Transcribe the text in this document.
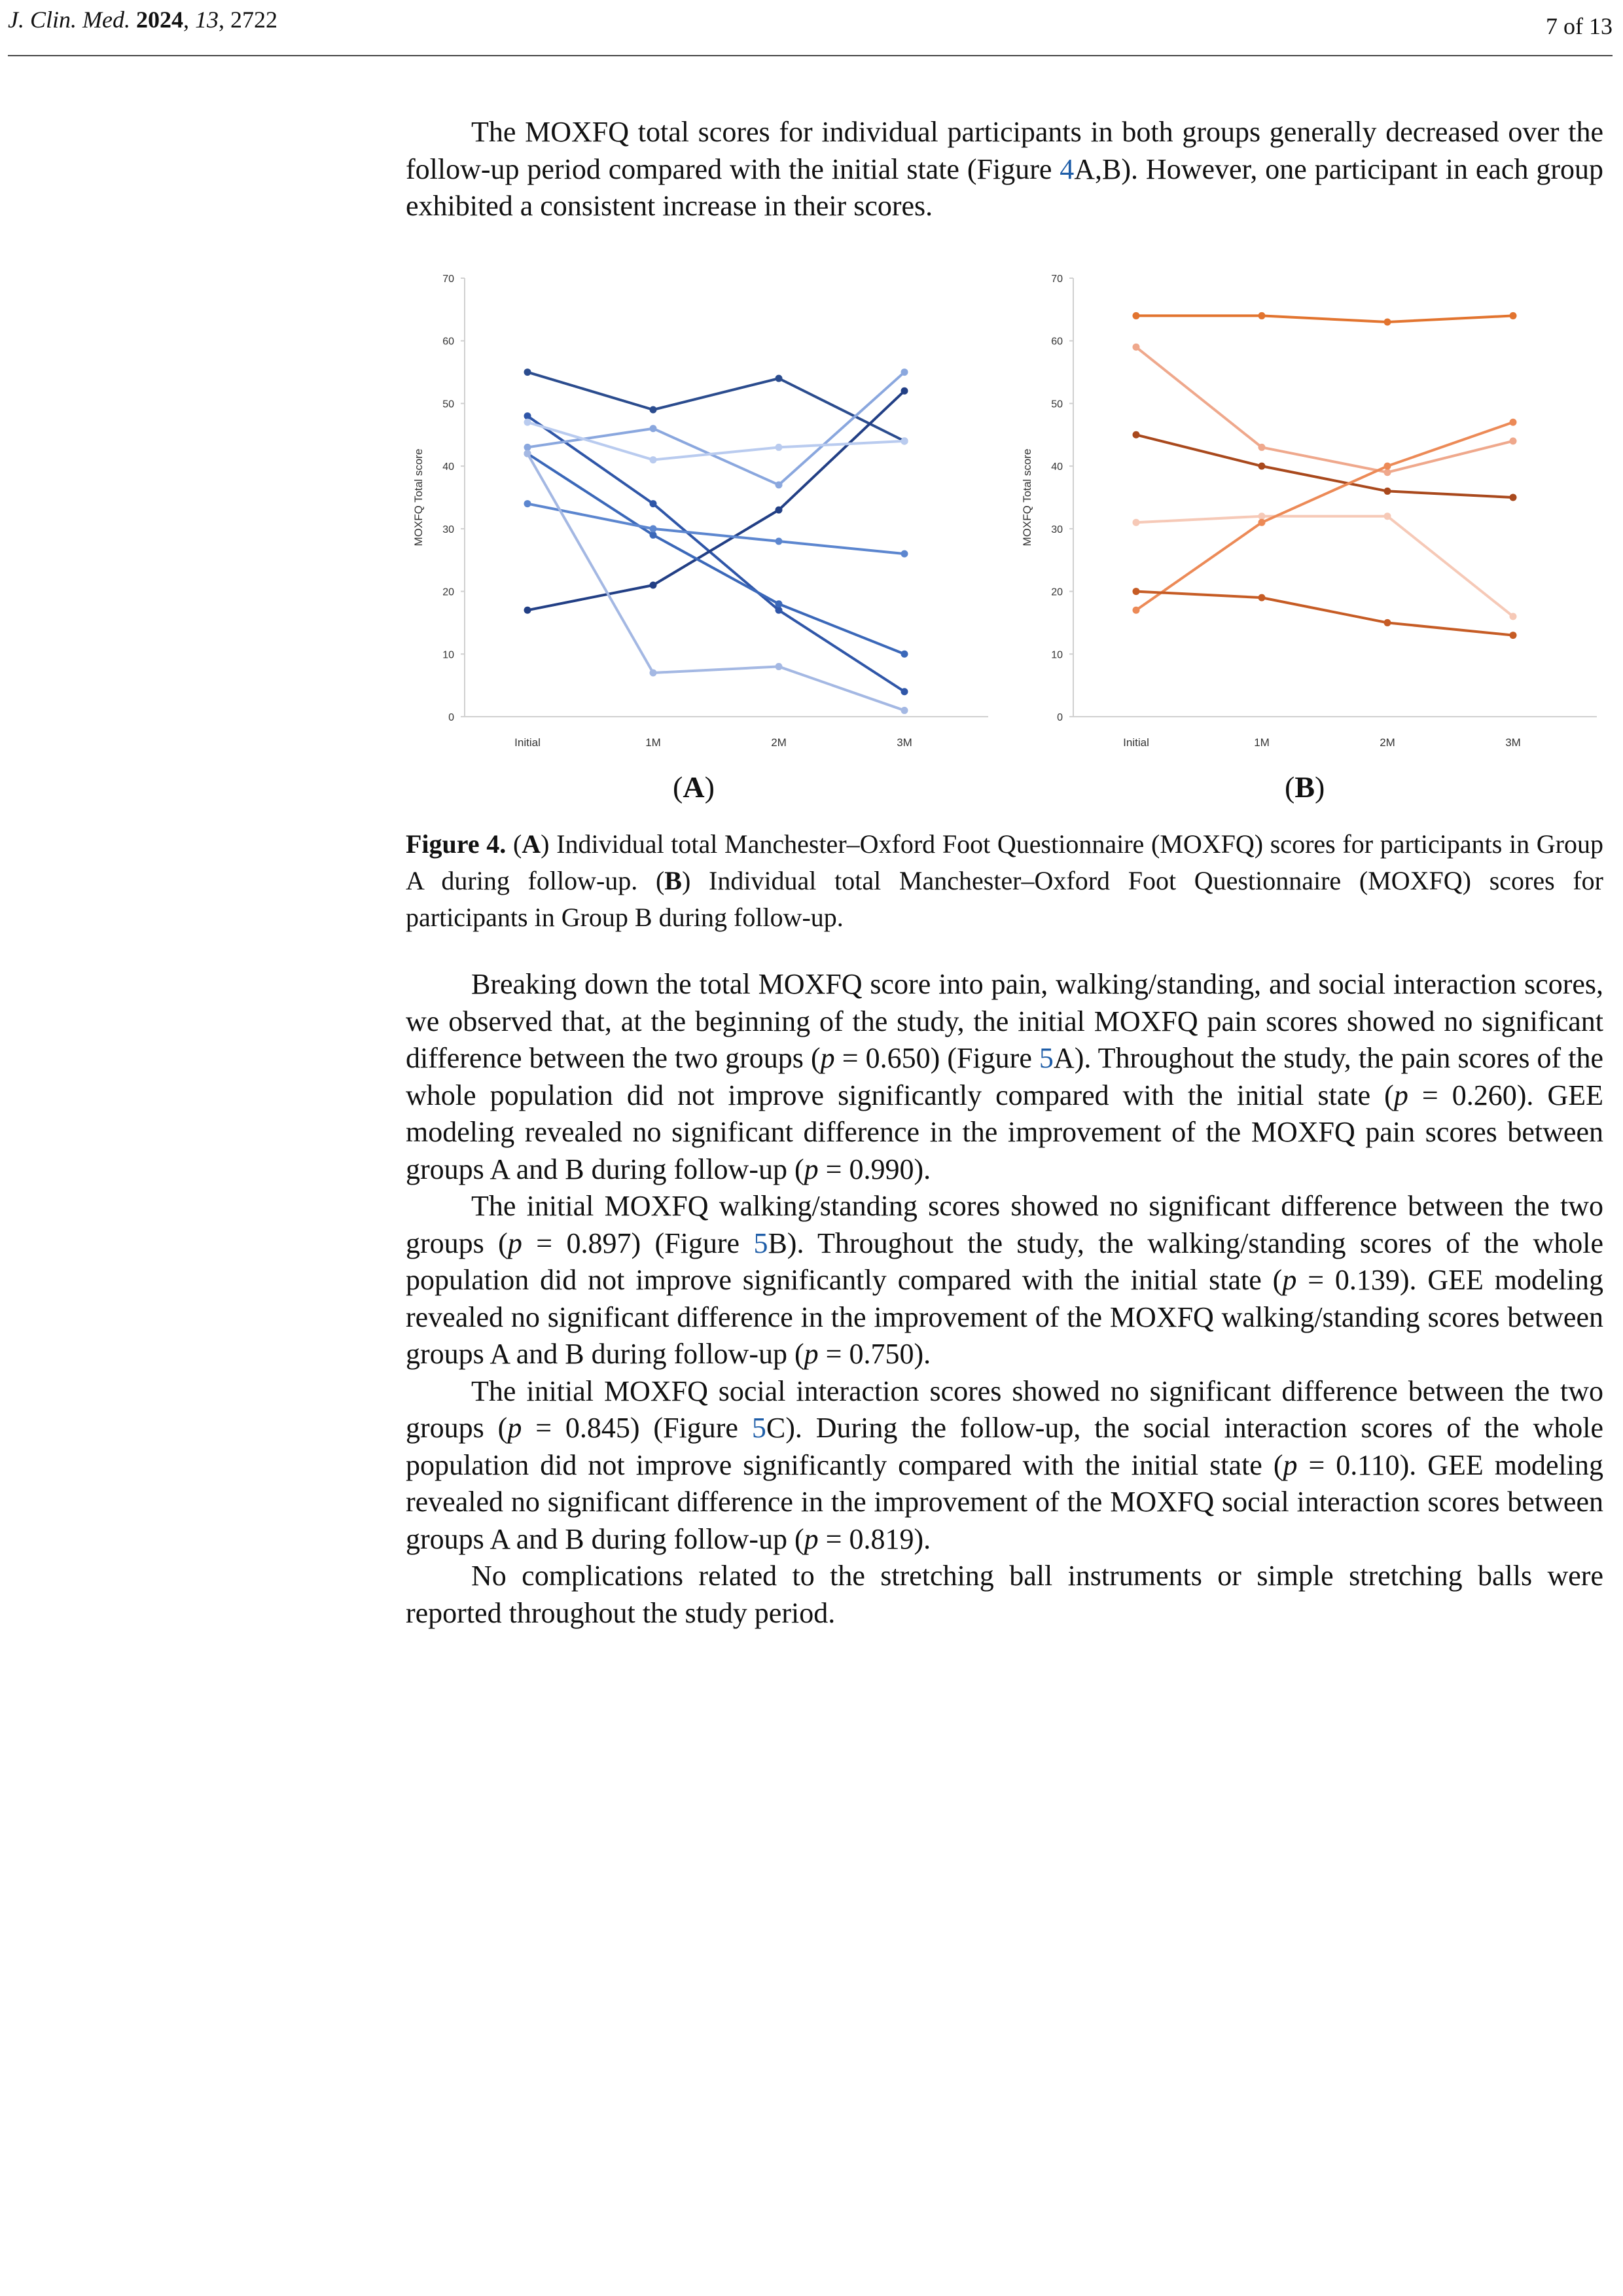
J. Clin. Med. 2024, 13, 2722	7 of 13

The MOXFQ total scores for individual participants in both groups generally decreased over the follow-up period compared with the initial state (Figure 4A,B). However, one participant in each group exhibited a consistent increase in their scores.

0
10
20
30
40
50
60
70
Initial	1M	2M	3M
MOXFQ Total score
0
10
20
30
40
50
60
70
Initial	1M	2M	3M
MOXFQ Total score
(A)	(B)
Figure 4. (A) Individual total Manchester–Oxford Foot Questionnaire (MOXFQ) scores for participants in Group A during follow-up. (B) Individual total Manchester–Oxford Foot Questionnaire (MOXFQ) scores for participants in Group B during follow-up.

Breaking down the total MOXFQ score into pain, walking/standing, and social interaction scores, we observed that, at the beginning of the study, the initial MOXFQ pain scores showed no significant difference between the two groups (p = 0.650) (Figure 5A). Throughout the study, the pain scores of the whole population did not improve significantly compared with the initial state (p = 0.260). GEE modeling revealed no significant difference in the improvement of the MOXFQ pain scores between groups A and B during follow-up (p = 0.990).

The initial MOXFQ walking/standing scores showed no significant difference between the two groups (p = 0.897) (Figure 5B). Throughout the study, the walking/standing scores of the whole population did not improve significantly compared with the initial state (p = 0.139). GEE modeling revealed no significant difference in the improvement of the MOXFQ walking/standing scores between groups A and B during follow-up (p = 0.750).

The initial MOXFQ social interaction scores showed no significant difference between the two groups (p = 0.845) (Figure 5C). During the follow-up, the social interaction scores of the whole population did not improve significantly compared with the initial state (p = 0.110). GEE modeling revealed no significant difference in the improvement of the MOXFQ social interaction scores between groups A and B during follow-up (p = 0.819).

No complications related to the stretching ball instruments or simple stretching balls were reported throughout the study period.
